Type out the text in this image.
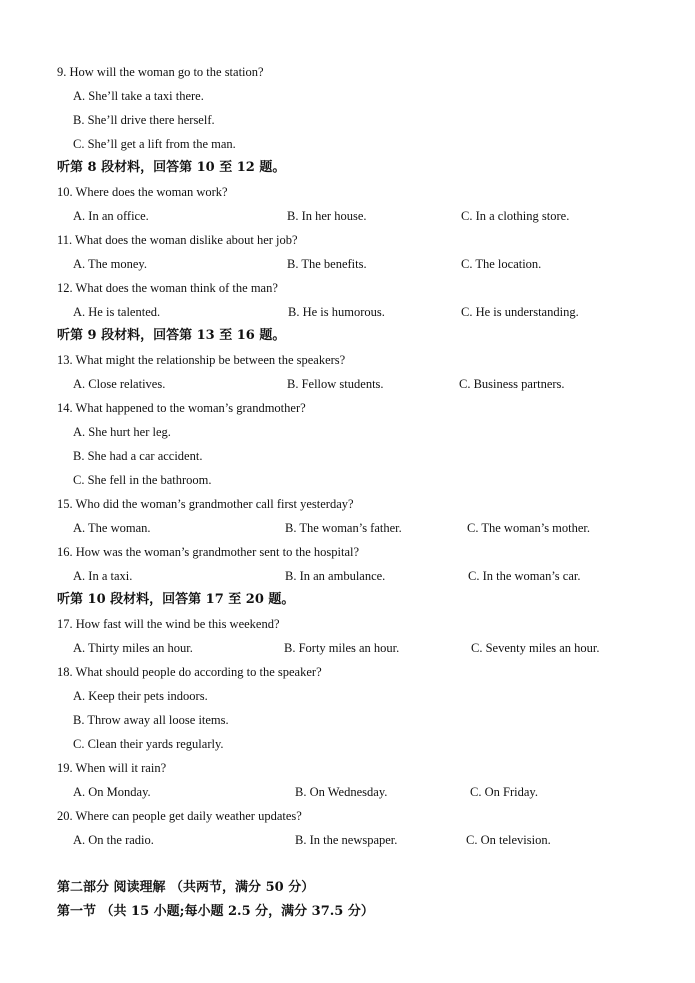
9. How will the woman go to the station?
A. She’ll take a taxi there.
B. She’ll drive there herself.
C. She’ll get a lift from the man.
听第 8 段材料，回答第 10 至 12 题。
10. Where does the woman work?
A. In an office.	B. In her house.	C. In a clothing store.
11. What does the woman dislike about her job?
A. The money.	B. The benefits.	C. The location.
12. What does the woman think of the man?
A. He is talented.	B. He is humorous.	C. He is understanding.
听第 9 段材料，回答第 13 至 16 题。
13. What might the relationship be between the speakers?
A. Close relatives.	B. Fellow students.	C. Business partners.
14. What happened to the woman’s grandmother?
A. She hurt her leg.
B. She had a car accident.
C. She fell in the bathroom.
15. Who did the woman’s grandmother call first yesterday?
A. The woman.	B. The woman’s father.	C. The woman’s mother.
16. How was the woman’s grandmother sent to the hospital?
A. In a taxi.	B. In an ambulance.	C. In the woman’s car.
听第 10 段材料，回答第 17 至 20 题。
17. How fast will the wind be this weekend?
A. Thirty miles an hour.	B. Forty miles an hour.	C. Seventy miles an hour.
18. What should people do according to the speaker?
A. Keep their pets indoors.
B. Throw away all loose items.
C. Clean their yards regularly.
19. When will it rain?
A. On Monday.	B. On Wednesday.	C. On Friday.
20. Where can people get daily weather updates?
A. On the radio.	B. In the newspaper.	C. On television.
第二部分 阅读理解 （共两节，满分 50 分）
第一节 （共 15 小题;每小题 2.5 分，满分 37.5 分）
